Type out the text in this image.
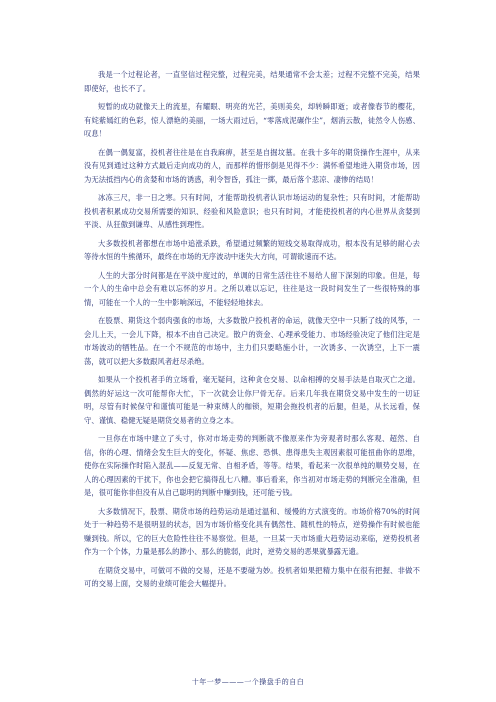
我是一个过程论者，一直坚信过程完整，过程完美，结果通常不会太差；过程不完整不完美，结果即使好，也长不了。

短暂的成功就像天上的流星，有耀眼、明亮的光芒，美则美矣，却转瞬即逝；或者像春节的樱花，有姹紫嫣红的色彩，惊人漂艳的美丽，一场大雨过后，“零落成泥碾作尘”，烟消云散，徒然令人伤感、叹息！

在偶一偶复富，投机者往往是在自我麻痹，甚至是自掘坟墓。在我十多年的期货操作生涯中，从来没有见到通过这种方式最后走向成功的人，而那样的惜形倒是见得不少：满怀希望地进入期货市场，因为无法抵挡内心的贪婪和市场的诱惑，利令智昏，孤注一掷，最后落个悲凉、凄惨的结局！

冰冻三尺，非一日之寒。只有时间，才能帮助投机者认识市场运动的复杂性；只有时间，才能帮助投机者积累成功交易所需要的知识、经验和风险意识；也只有时间，才能使投机者的内心世界从贪婪到平淡、从狂傲到谦卑、从感性到理性。

大多数投机者都想在市场中追涨杀跌，希望通过频繁的短线交易取得成功，根本没有足够的耐心去等待水恒的牛熊循环，最终在市场的无序波动中迷失大方向，可谓欲速而不达。

人生的大部分时间都是在平淡中度过的，单调的日常生活往往不易给人留下深刻的印象。但是，每一个人的生命中总会有难以忘怀的岁月。之所以难以忘记，往往是这一段时间发生了一些很特殊的事情，可能在一个人的一生中影响深远，不能轻轻地抹去。

在股票、期货这个弱肉强食的市场，大多数散户投机者的命运，就像天空中一只断了线的风筝，一会儿上天，一会儿下降，根本不由自己决定。散户的资金、心理承受能力、市场经验决定了他们注定是市场波动的牺牲品。在一个不规范的市场中，主力们只要略施小计，一次诱多、一次诱空，上下一震荡，就可以把大多数跟风者赶尽杀绝。

如果从一个投机者手的立场看，毫无疑问，这种贪仓交易、以命相搏的交易手法是自取灭亡之道。偶然的好运这一次可能帮你大忙，下一次就会让你尸骨无存。后来几年我在期货交易中发生的一切证明，尽管有时候保守和谨慎可能是一种束缚人的枷锁，短期会拖投机者的后腿，但是，从长远看，保守、谨慎、稳健无疑是期货交易者的立身之本。

一旦你在市场中建立了头寸，你对市场走势的判断就不像原来作为旁观者时那么客观、超然、自信，你的心理、情绪会发生巨大的变化，怀疑、焦虑、恐惧、患得患失主观因素很可能扭曲你的思维，使你在实际操作时陷入混乱——反复无常、自相矛盾，等等。结果，看起来一次很单纯的顺势交易，在人的心理因素的干扰下，你也会把它搞得乱七八糟。事后看来，你当初对市场走势的判断完全准确，但是，很可能你非但没有从自己聪明的判断中赚到钱，还可能亏钱。

大多数情况下，股票、期货市场的趋势运动是通过温和、缓慢的方式演变的。市场价格70%的时间处于一种趋势不是很明显的状态，因为市场价格变化具有偶然性、随机性的特点，逆势操作有时候也能赚到钱。所以，它的巨大危险性往往不易察觉。但是，一旦某一天市场重大趋势运动来临，逆势投机者作为一个个体，力量是那么的渺小、那么的脆弱，此时，逆势交易的恶果就暴露无遗。

在期货交易中，可做可不做的交易，还是不要碰为妙。投机者如果把精力集中在很有把握、非做不可的交易上面，交易的业绩可能会大幅提升。

十年一梦———一个操盘手的自白
